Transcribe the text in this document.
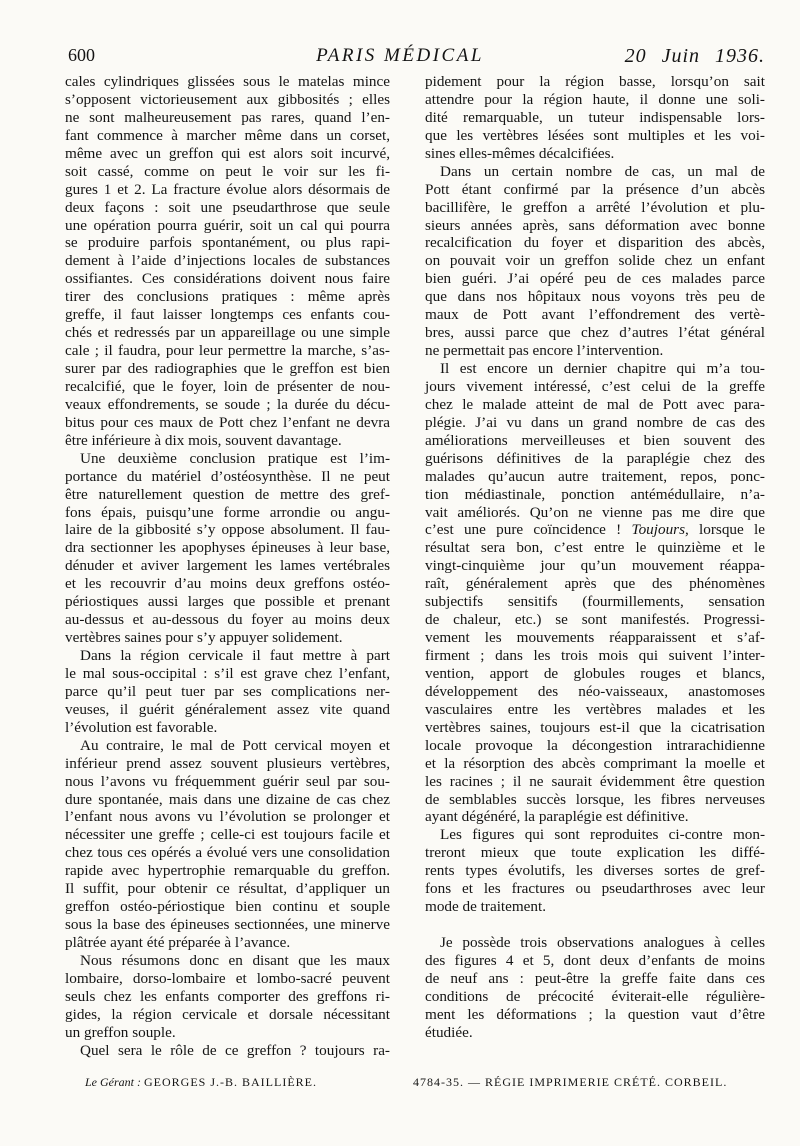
600	PARIS MÉDICAL	20 Juin 1936.
cales cylindriques glissées sous le matelas mince
s’opposent victorieusement aux gibbosités ; elles
ne sont malheureusement pas rares, quand l’en-
fant commence à marcher même dans un corset,
même avec un greffon qui est alors soit incurvé,
soit cassé, comme on peut le voir sur les fi-
gures 1 et 2. La fracture évolue alors désormais de
deux façons : soit une pseudarthrose que seule
une opération pourra guérir, soit un cal qui pourra
se produire parfois spontanément, ou plus rapi-
dement à l’aide d’injections locales de substances
ossifiantes. Ces considérations doivent nous faire
tirer des conclusions pratiques : même après
greffe, il faut laisser longtemps ces enfants cou-
chés et redressés par un appareillage ou une simple
cale ; il faudra, pour leur permettre la marche, s’as-
surer par des radiographies que le greffon est bien
recalcifié, que le foyer, loin de présenter de nou-
veaux effondrements, se soude ; la durée du décu-
bitus pour ces maux de Pott chez l’enfant ne devra
être inférieure à dix mois, souvent davantage.
Une deuxième conclusion pratique est l’im-
portance du matériel d’ostéosynthèse. Il ne peut
être naturellement question de mettre des gref-
fons épais, puisqu’une forme arrondie ou angu-
laire de la gibbosité s’y oppose absolument. Il fau-
dra sectionner les apophyses épineuses à leur base,
dénuder et aviver largement les lames vertébrales
et les recouvrir d’au moins deux greffons ostéo-
périostiques aussi larges que possible et prenant
au-dessus et au-dessous du foyer au moins deux
vertèbres saines pour s’y appuyer solidement.
Dans la région cervicale il faut mettre à part
le mal sous-occipital : s’il est grave chez l’enfant,
parce qu’il peut tuer par ses complications ner-
veuses, il guérit généralement assez vite quand
l’évolution est favorable.
Au contraire, le mal de Pott cervical moyen et
inférieur prend assez souvent plusieurs vertèbres,
nous l’avons vu fréquemment guérir seul par sou-
dure spontanée, mais dans une dizaine de cas chez
l’enfant nous avons vu l’évolution se prolonger et
nécessiter une greffe ; celle-ci est toujours facile et
chez tous ces opérés a évolué vers une consolidation
rapide avec hypertrophie remarquable du greffon.
Il suffit, pour obtenir ce résultat, d’appliquer un
greffon ostéo-périostique bien continu et souple
sous la base des épineuses sectionnées, une minerve
plâtrée ayant été préparée à l’avance.
Nous résumons donc en disant que les maux
lombaire, dorso-lombaire et lombo-sacré peuvent
seuls chez les enfants comporter des greffons ri-
gides, la région cervicale et dorsale nécessitant
un greffon souple.
Quel sera le rôle de ce greffon ? toujours ra-
pidement pour la région basse, lorsqu’on sait
attendre pour la région haute, il donne une soli-
dité remarquable, un tuteur indispensable lors-
que les vertèbres lésées sont multiples et les voi-
sines elles-mêmes décalcifiées.
Dans un certain nombre de cas, un mal de
Pott étant confirmé par la présence d’un abcès
bacillifère, le greffon a arrêté l’évolution et plu-
sieurs années après, sans déformation avec bonne
recalcification du foyer et disparition des abcès,
on pouvait voir un greffon solide chez un enfant
bien guéri. J’ai opéré peu de ces malades parce
que dans nos hôpitaux nous voyons très peu de
maux de Pott avant l’effondrement des vertè-
bres, aussi parce que chez d’autres l’état général
ne permettait pas encore l’intervention.
Il est encore un dernier chapitre qui m’a tou-
jours vivement intéressé, c’est celui de la greffe
chez le malade atteint de mal de Pott avec para-
plégie. J’ai vu dans un grand nombre de cas des
améliorations merveilleuses et bien souvent des
guérisons définitives de la paraplégie chez des
malades qu’aucun autre traitement, repos, ponc-
tion médiastinale, ponction antémédullaire, n’a-
vait améliorés. Qu’on ne vienne pas me dire que
c’est une pure coïncidence ! Toujours, lorsque le
résultat sera bon, c’est entre le quinzième et le
vingt-cinquième jour qu’un mouvement réappa-
raît, généralement après que des phénomènes
subjectifs sensitifs (fourmillements, sensation
de chaleur, etc.) se sont manifestés. Progressi-
vement les mouvements réapparaissent et s’af-
firment ; dans les trois mois qui suivent l’inter-
vention, apport de globules rouges et blancs,
développement des néo-vaisseaux, anastomoses
vasculaires entre les vertèbres malades et les
vertèbres saines, toujours est-il que la cicatrisation
locale provoque la décongestion intrarachidienne
et la résorption des abcès comprimant la moelle et
les racines ; il ne saurait évidemment être question
de semblables succès lorsque, les fibres nerveuses
ayant dégénéré, la paraplégie est définitive.
Les figures qui sont reproduites ci-contre mon-
treront mieux que toute explication les diffé-
rents types évolutifs, les diverses sortes de gref-
fons et les fractures ou pseudarthroses avec leur
mode de traitement.
Je possède trois observations analogues à celles
des figures 4 et 5, dont deux d’enfants de moins
de neuf ans : peut-être la greffe faite dans ces
conditions de précocité éviterait-elle régulière-
ment les déformations ; la question vaut d’être
étudiée.
Le Gérant : GEORGES J.-B. BAILLIÈRE.	4784-35. — RÉGIE IMPRIMERIE CRÉTÉ. CORBEIL.
